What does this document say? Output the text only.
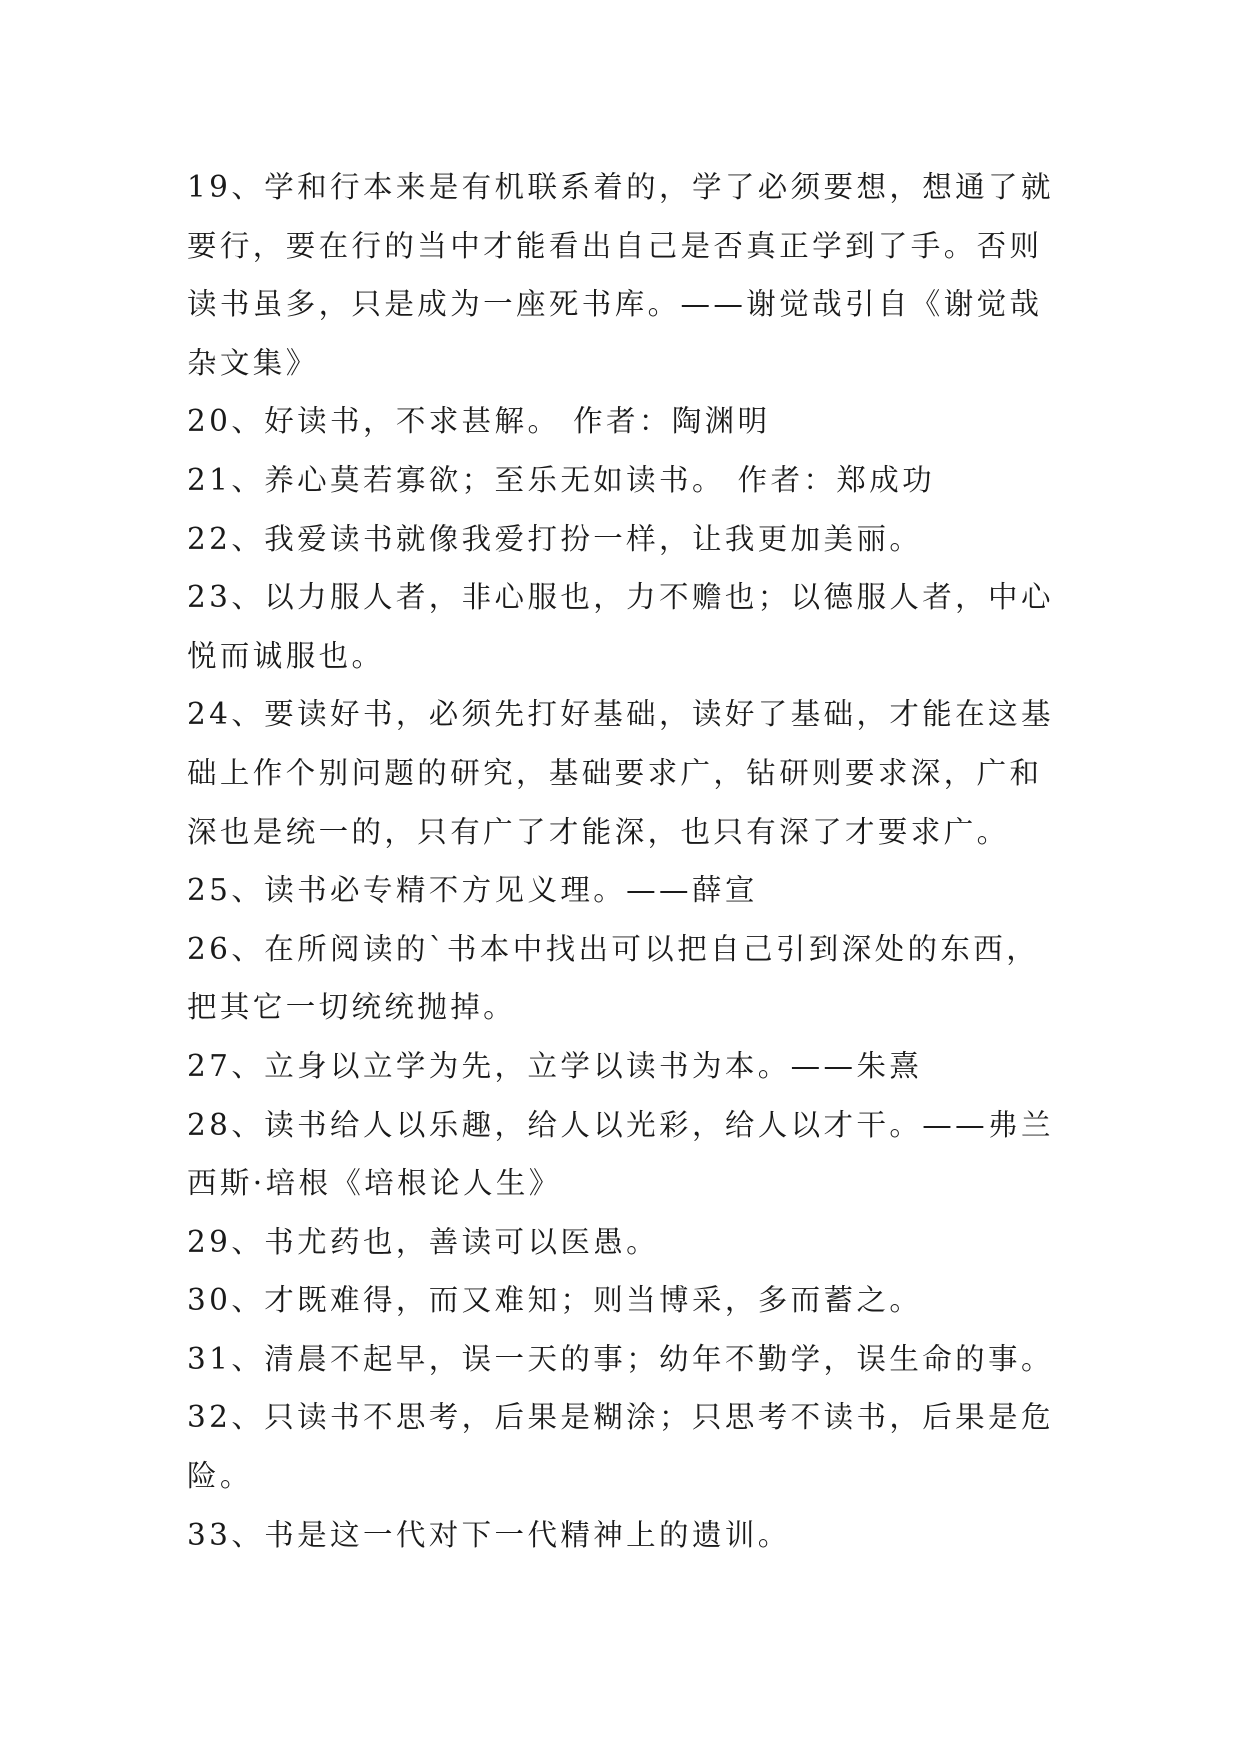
19、学和行本来是有机联系着的，学了必须要想，想通了就要行，要在行的当中才能看出自己是否真正学到了手。否则读书虽多，只是成为一座死书库。——谢觉哉引自《谢觉哉杂文集》

20、好读书，不求甚解。 作者：陶渊明

21、养心莫若寡欲；至乐无如读书。 作者：郑成功

22、我爱读书就像我爱打扮一样，让我更加美丽。

23、以力服人者，非心服也，力不赡也；以德服人者，中心悦而诚服也。

24、要读好书，必须先打好基础，读好了基础，才能在这基础上作个别问题的研究，基础要求广，钻研则要求深，广和深也是统一的，只有广了才能深，也只有深了才要求广。

25、读书必专精不方见义理。——薛宣

26、在所阅读的`书本中找出可以把自己引到深处的东西，把其它一切统统抛掉。

27、立身以立学为先，立学以读书为本。——朱熹

28、读书给人以乐趣，给人以光彩，给人以才干。——弗兰西斯·培根《培根论人生》

29、书尤药也，善读可以医愚。

30、才既难得，而又难知；则当博采，多而蓄之。

31、清晨不起早，误一天的事；幼年不勤学，误生命的事。

32、只读书不思考，后果是糊涂；只思考不读书，后果是危险。

33、书是这一代对下一代精神上的遗训。
